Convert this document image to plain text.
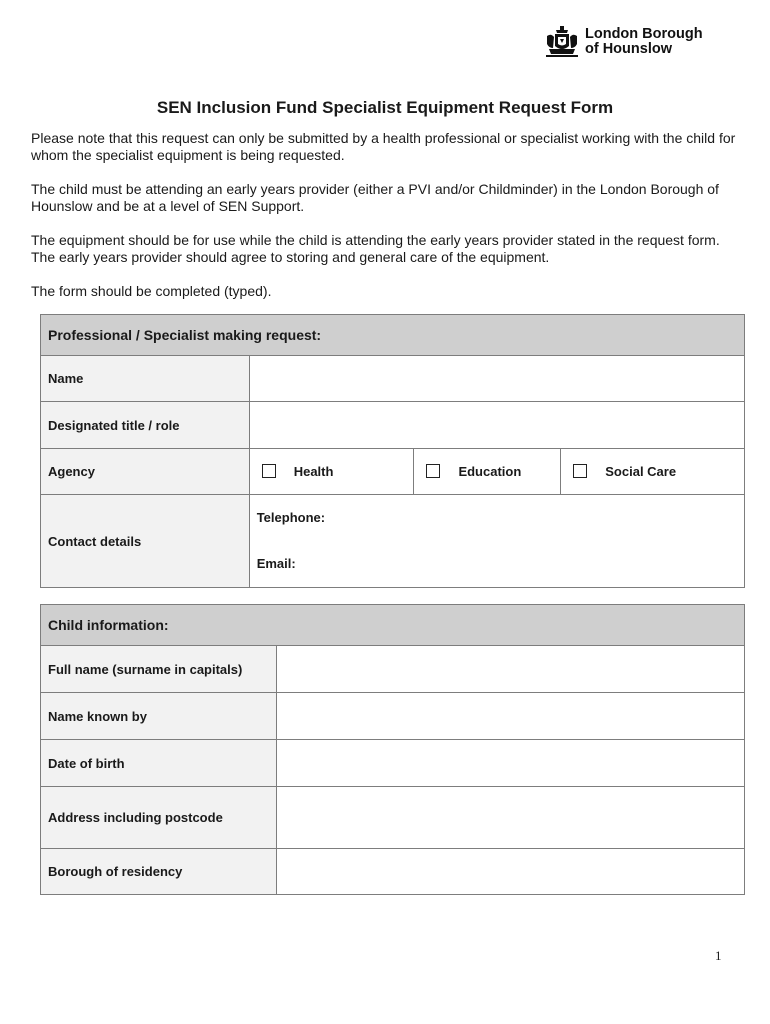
London Borough
of Hounslow
SEN Inclusion Fund Specialist Equipment Request Form

Please note that this request can only be submitted by a health professional or specialist working with the child for whom the specialist equipment is being requested.

The child must be attending an early years provider (either a PVI and/or Childminder) in the London Borough of Hounslow and be at a level of SEN Support.

The equipment should be for use while the child is attending the early years provider stated in the request form. The early years provider should agree to storing and general care of the equipment.

The form should be completed (typed).

Professional / Specialist making request:			
Name			
Designated title / role			
Agency	Health	Education	Social Care
Contact details	Telephone:
Email:		
Child information:	
Full name (surname in capitals)	
Name known by	
Date of birth	
Address including postcode	
Borough of residency	
1
